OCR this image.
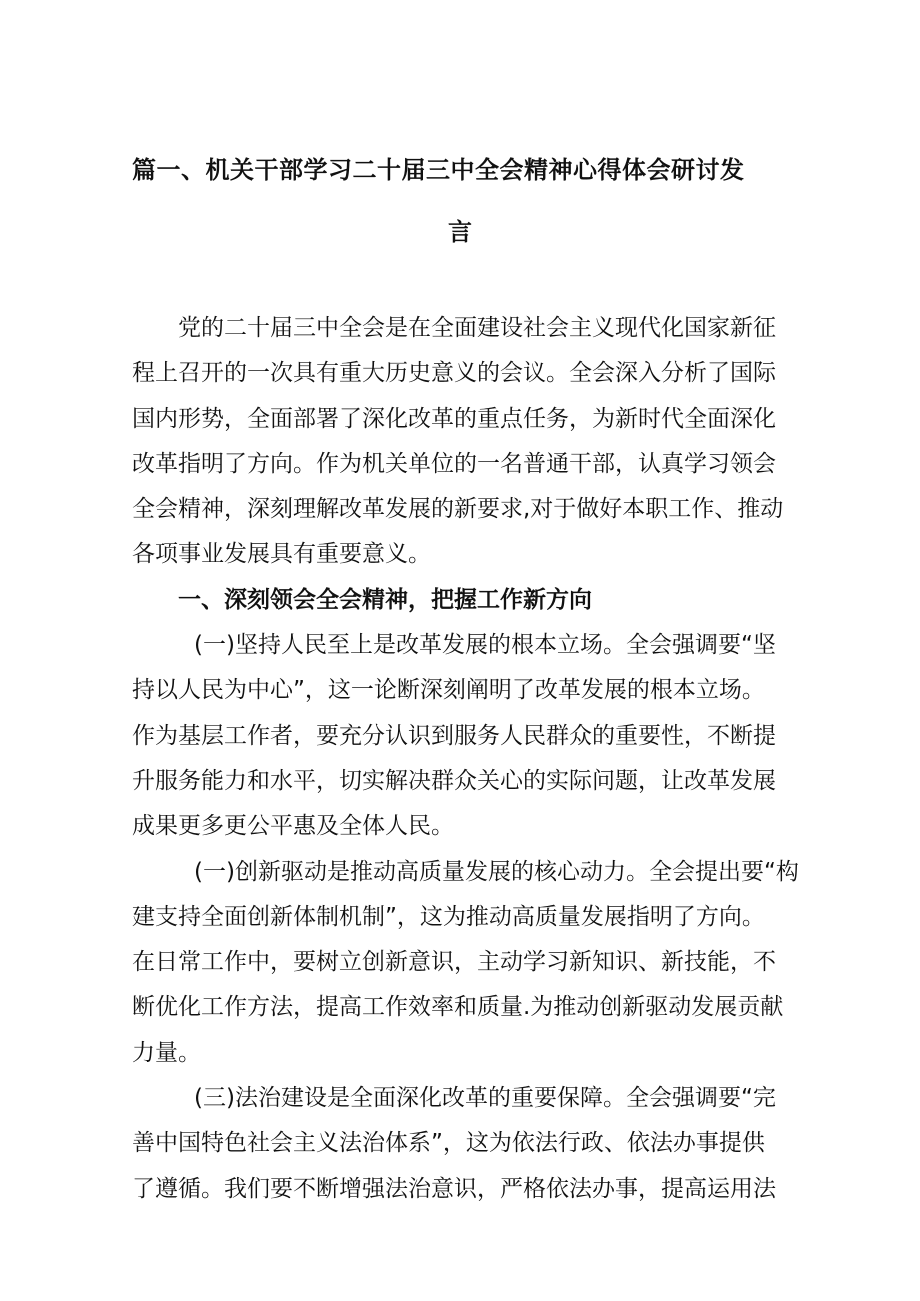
篇一、机关干部学习二十届三中全会精神心得体会研讨发
言
党的二十届三中全会是在全面建设社会主义现代化国家新征
程上召开的一次具有重大历史意义的会议。全会深入分析了国际
国内形势，全面部署了深化改革的重点任务，为新时代全面深化
改革指明了方向。作为机关单位的一名普通干部，认真学习领会
全会精神，深刻理解改革发展的新要求,对于做好本职工作、推动
各项事业发展具有重要意义。
一、深刻领会全会精神，把握工作新方向
(一)坚持人民至上是改革发展的根本立场。全会强调要“坚
持以人民为中心”，这一论断深刻阐明了改革发展的根本立场。
作为基层工作者，要充分认识到服务人民群众的重要性，不断提
升服务能力和水平，切实解决群众关心的实际问题，让改革发展
成果更多更公平惠及全体人民。
(一)创新驱动是推动高质量发展的核心动力。全会提出要“构
建支持全面创新体制机制”，这为推动高质量发展指明了方向。
在日常工作中，要树立创新意识，主动学习新知识、新技能，不
断优化工作方法，提高工作效率和质量.为推动创新驱动发展贡献
力量。
(三)法治建设是全面深化改革的重要保障。全会强调要“完
善中国特色社会主义法治体系”，这为依法行政、依法办事提供
了遵循。我们要不断增强法治意识，严格依法办事，提高运用法
